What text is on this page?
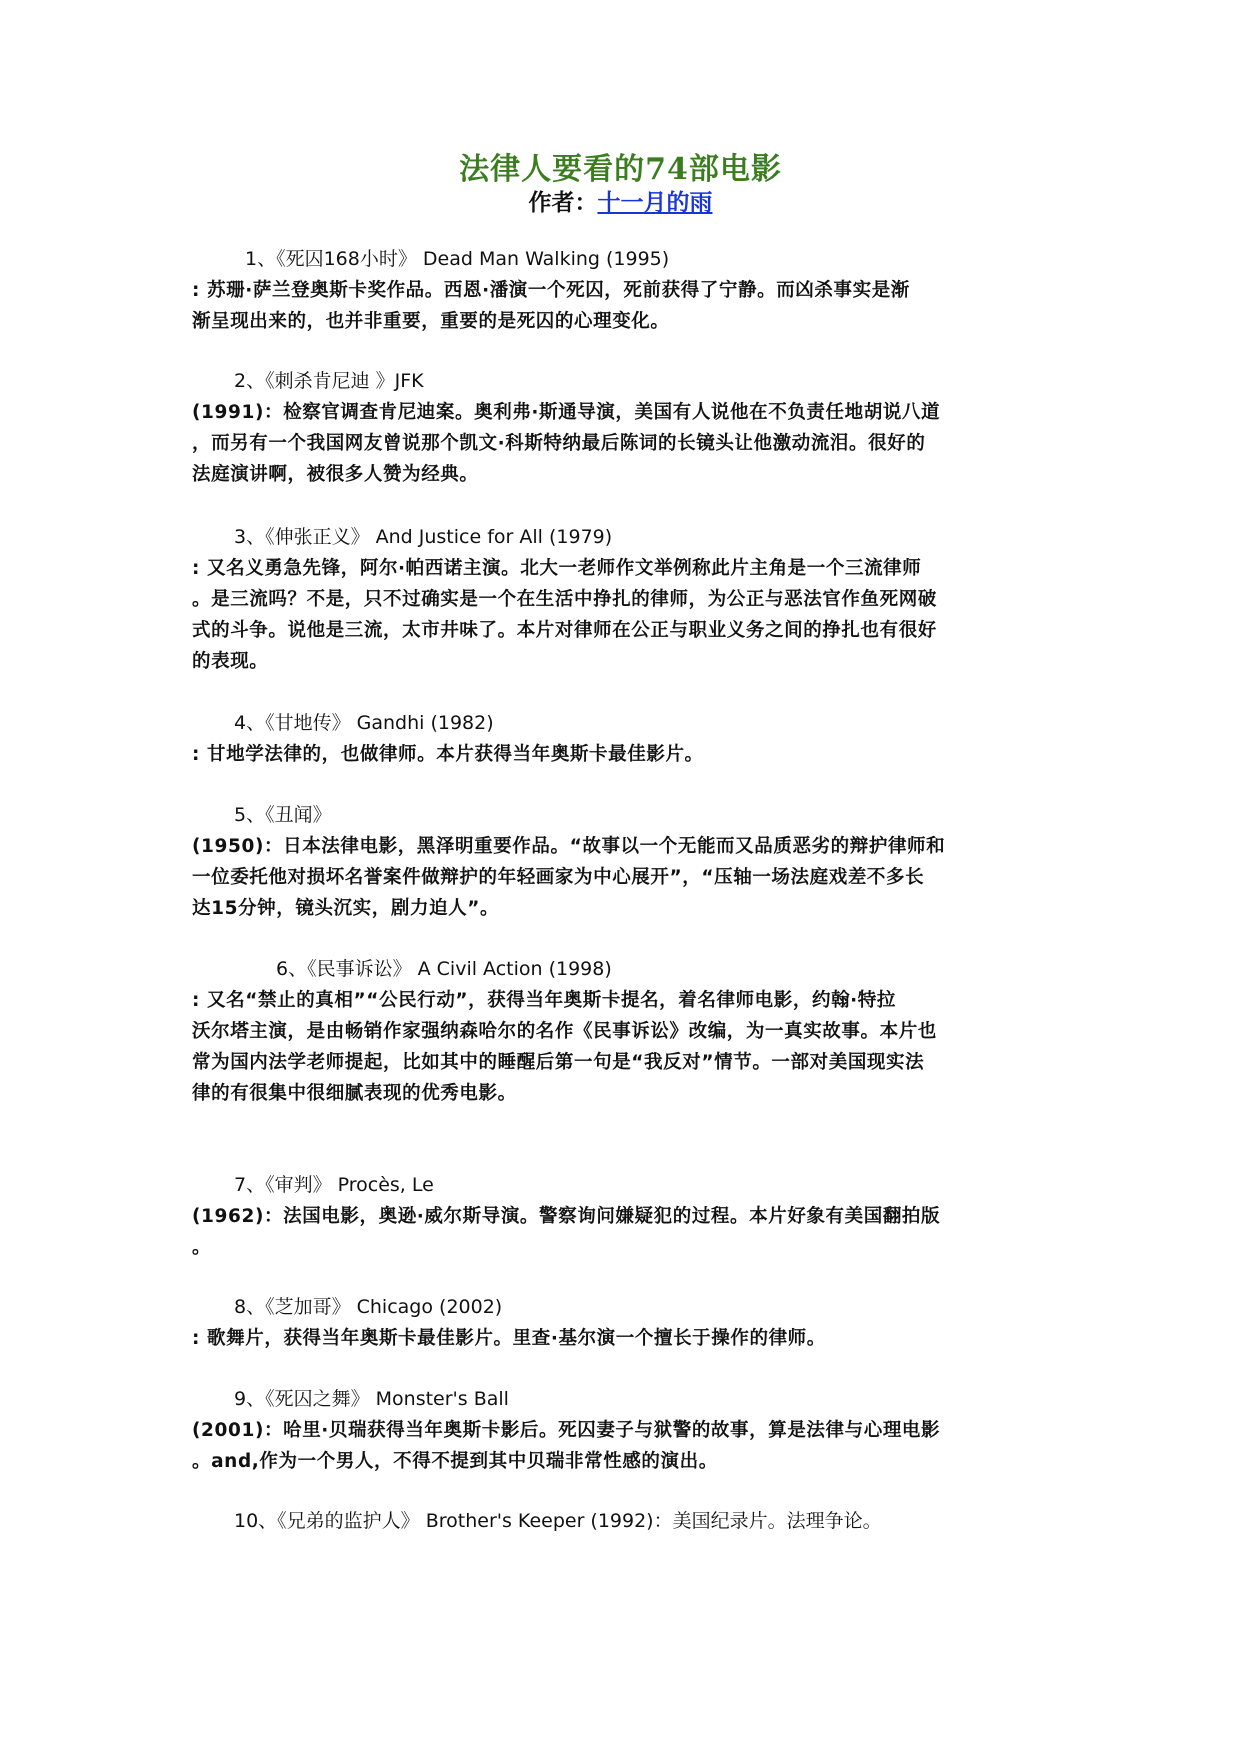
法律人要看的74部电影
作者：十一月的雨
1、《死囚168小时》 Dead Man Walking (1995)
: 苏珊·萨兰登奥斯卡奖作品。西恩·潘演一个死囚，死前获得了宁静。而凶杀事实是渐
渐呈现出来的，也并非重要，重要的是死囚的心理变化。
2、《刺杀肯尼迪 》JFK
(1991)：检察官调查肯尼迪案。奥利弗·斯通导演，美国有人说他在不负责任地胡说八道
，而另有一个我国网友曾说那个凯文·科斯特纳最后陈词的长镜头让他激动流泪。很好的
法庭演讲啊，被很多人赞为经典。
3、《伸张正义》 And Justice for All (1979)
: 又名义勇急先锋，阿尔·帕西诺主演。北大一老师作文举例称此片主角是一个三流律师
。是三流吗？不是，只不过确实是一个在生活中挣扎的律师，为公正与恶法官作鱼死网破
式的斗争。说他是三流，太市井味了。本片对律师在公正与职业义务之间的挣扎也有很好
的表现。
4、《甘地传》 Gandhi (1982)
: 甘地学法律的，也做律师。本片获得当年奥斯卡最佳影片。
5、《丑闻》
(1950)：日本法律电影，黑泽明重要作品。“故事以一个无能而又品质恶劣的辩护律师和
一位委托他对损坏名誉案件做辩护的年轻画家为中心展开”，“压轴一场法庭戏差不多长
达15分钟，镜头沉实，剧力迫人”。
6、《民事诉讼》 A Civil Action (1998)
: 又名“禁止的真相”“公民行动”，获得当年奥斯卡提名，着名律师电影，约翰·特拉
沃尔塔主演，是由畅销作家强纳森哈尔的名作《民事诉讼》改编，为一真实故事。本片也
常为国内法学老师提起，比如其中的睡醒后第一句是“我反对”情节。一部对美国现实法
律的有很集中很细腻表现的优秀电影。
7、《审判》 Procès, Le
(1962)：法国电影，奥逊·威尔斯导演。警察询问嫌疑犯的过程。本片好象有美国翻拍版
。
8、《芝加哥》 Chicago (2002)
: 歌舞片，获得当年奥斯卡最佳影片。里查·基尔演一个擅长于操作的律师。
9、《死囚之舞》 Monster's Ball
(2001)：哈里·贝瑞获得当年奥斯卡影后。死囚妻子与狱警的故事，算是法律与心理电影
。and,作为一个男人，不得不提到其中贝瑞非常性感的演出。
10、《兄弟的监护人》 Brother's Keeper (1992)：美国纪录片。法理争论。
